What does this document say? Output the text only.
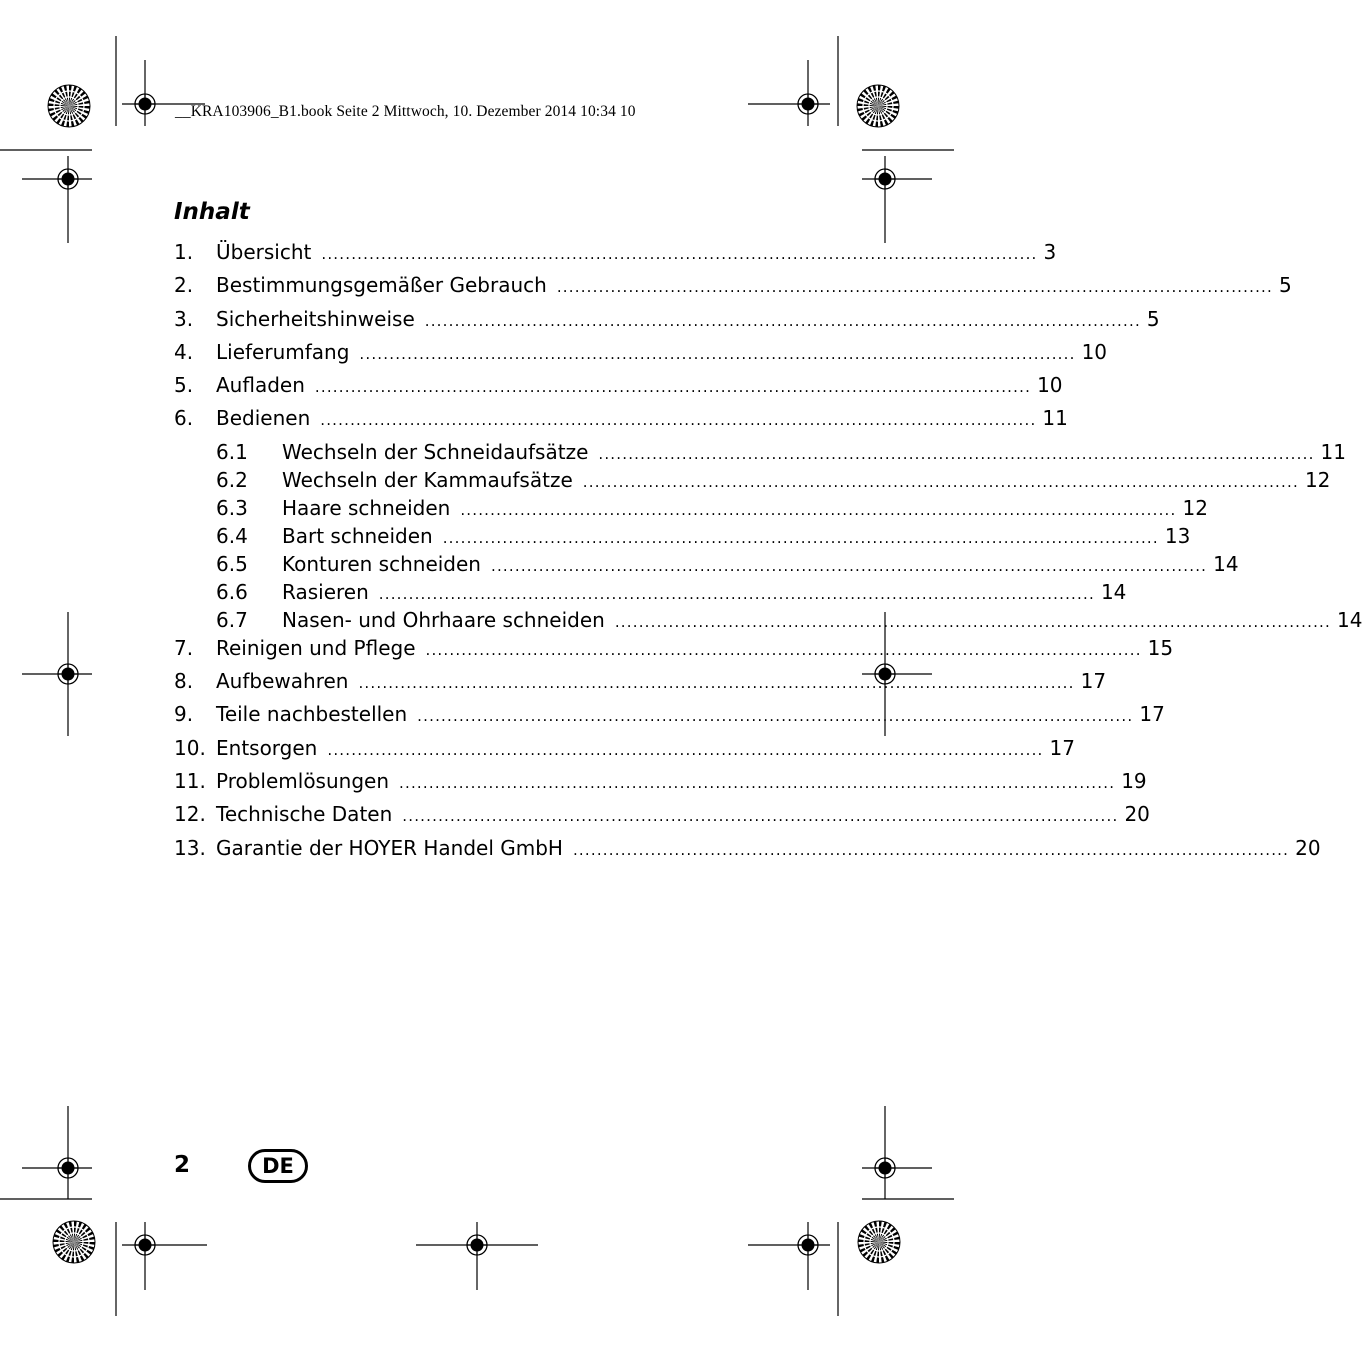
__KRA103906_B1.book Seite 2 Mittwoch, 10. Dezember 2014 10:34 10
Inhalt
1.	Übersicht ........................................................................................................................ 3
2.	Bestimmungsgemäßer Gebrauch ........................................................................................................................ 5
3.	Sicherheitshinweise ........................................................................................................................ 5
4.	Lieferumfang ........................................................................................................................ 10
5.	Aufladen ........................................................................................................................ 10
6.	Bedienen ........................................................................................................................ 11
6.1	Wechseln der Schneidaufsätze ........................................................................................................................ 11
6.2	Wechseln der Kammaufsätze ........................................................................................................................ 12
6.3	Haare schneiden ........................................................................................................................ 12
6.4	Bart schneiden ........................................................................................................................ 13
6.5	Konturen schneiden ........................................................................................................................ 14
6.6	Rasieren ........................................................................................................................ 14
6.7	Nasen- und Ohrhaare schneiden ........................................................................................................................ 14
7.	Reinigen und Pflege ........................................................................................................................ 15
8.	Aufbewahren ........................................................................................................................ 17
9.	Teile nachbestellen ........................................................................................................................ 17
10. Entsorgen ........................................................................................................................ 17
11. Problemlösungen ........................................................................................................................ 19
12. Technische Daten ........................................................................................................................ 20
13. Garantie der HOYER Handel GmbH ........................................................................................................................ 20
2	DE
